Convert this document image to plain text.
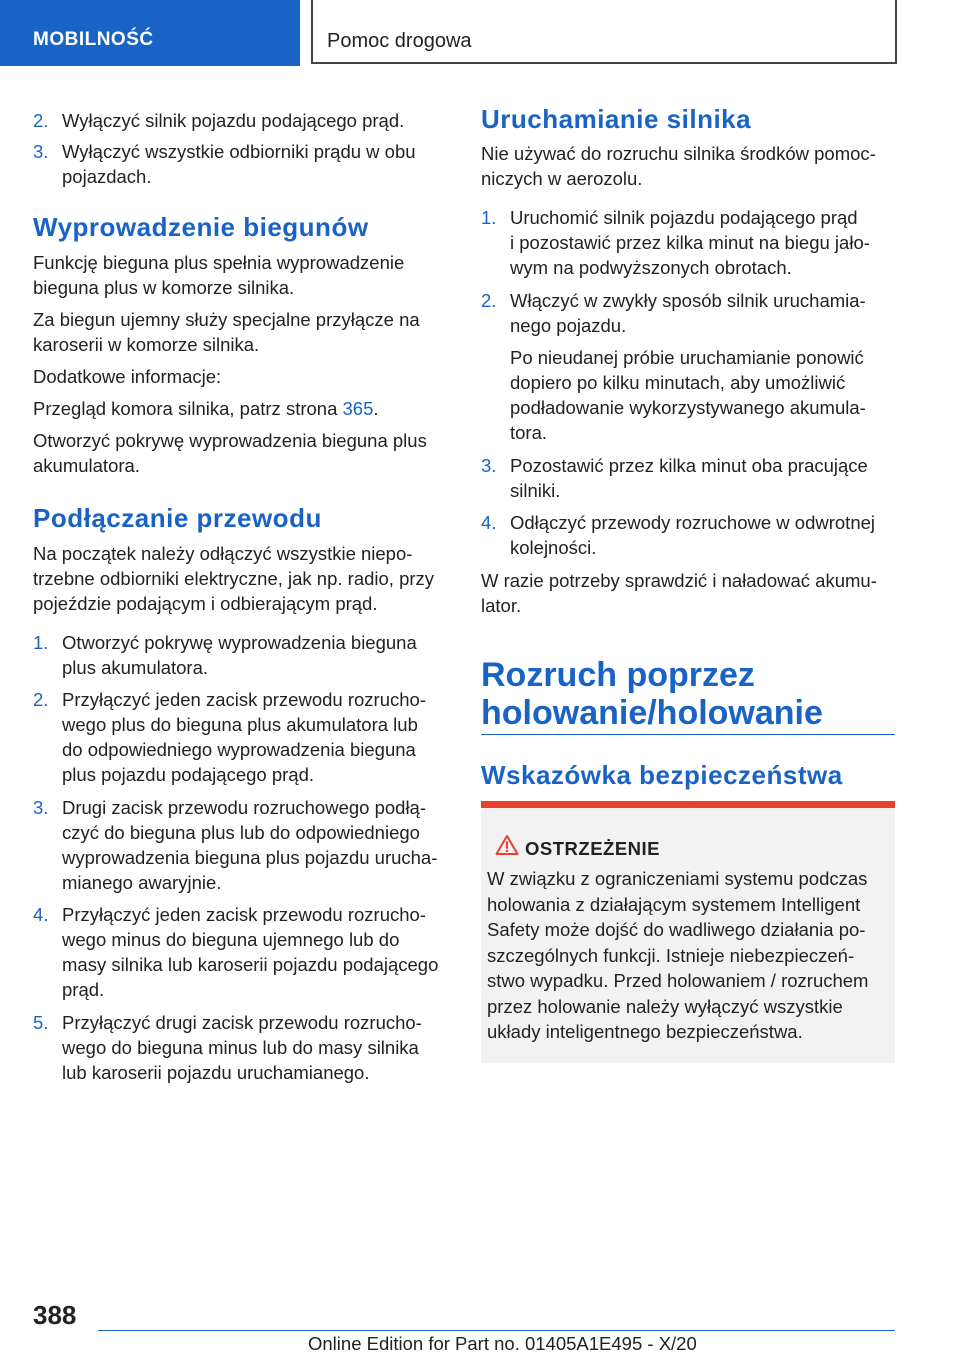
MOBILNOŚĆ	Pomoc drogowa
2. Wyłączyć silnik pojazdu podającego prąd.
3. Wyłączyć wszystkie odbiorniki prądu w obu
pojazdach.
Wyprowadzenie biegunów
Funkcję bieguna plus spełnia wyprowadzenie
bieguna plus w komorze silnika.
Za biegun ujemny służy specjalne przyłącze na
karoserii w komorze silnika.
Dodatkowe informacje:
Przegląd komora silnika, patrz strona 365.
Otworzyć pokrywę wyprowadzenia bieguna plus
akumulatora.
Podłączanie przewodu
Na początek należy odłączyć wszystkie niepo-
trzebne odbiorniki elektryczne, jak np. radio, przy
pojeździe podającym i odbierającym prąd.
1. Otworzyć pokrywę wyprowadzenia bieguna
plus akumulatora.
2. Przyłączyć jeden zacisk przewodu rozrucho-
wego plus do bieguna plus akumulatora lub
do odpowiedniego wyprowadzenia bieguna
plus pojazdu podającego prąd.
3. Drugi zacisk przewodu rozruchowego podłą-
czyć do bieguna plus lub do odpowiedniego
wyprowadzenia bieguna plus pojazdu urucha-
mianego awaryjnie.
4. Przyłączyć jeden zacisk przewodu rozrucho-
wego minus do bieguna ujemnego lub do
masy silnika lub karoserii pojazdu podającego
prąd.
5. Przyłączyć drugi zacisk przewodu rozrucho-
wego do bieguna minus lub do masy silnika
lub karoserii pojazdu uruchamianego.
Uruchamianie silnika
Nie używać do rozruchu silnika środków pomoc-
niczych w aerozolu.
1. Uruchomić silnik pojazdu podającego prąd
i pozostawić przez kilka minut na biegu jało-
wym na podwyższonych obrotach.
2. Włączyć w zwykły sposób silnik uruchamia-
nego pojazdu.
Po nieudanej próbie uruchamianie ponowić
dopiero po kilku minutach, aby umożliwić
podładowanie wykorzystywanego akumula-
tora.
3. Pozostawić przez kilka minut oba pracujące
silniki.
4. Odłączyć przewody rozruchowe w odwrotnej
kolejności.
W razie potrzeby sprawdzić i naładować akumu-
lator.
Rozruch poprzez
holowanie/holowanie
Wskazówka bezpieczeństwa
OSTRZEŻENIE
W związku z ograniczeniami systemu podczas
holowania z działającym systemem Intelligent
Safety może dojść do wadliwego działania po-
szczególnych funkcji. Istnieje niebezpieczeń-
stwo wypadku. Przed holowaniem / rozruchem
przez holowanie należy wyłączyć wszystkie
układy inteligentnego bezpieczeństwa.
388
Online Edition for Part no. 01405A1E495 - X/20
